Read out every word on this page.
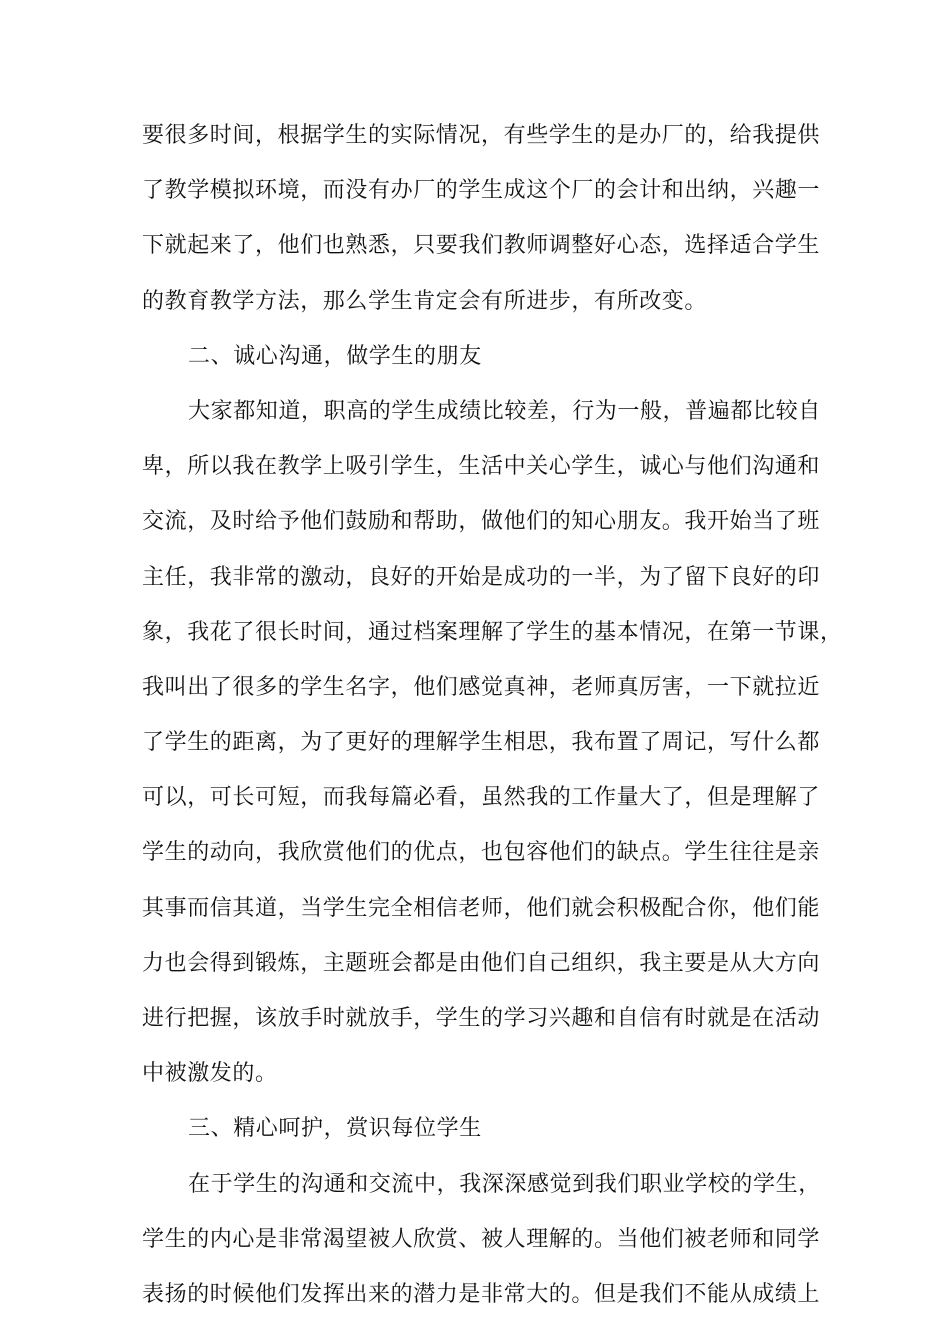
要很多时间，根据学生的实际情况，有些学生的是办厂的，给我提供
了教学模拟环境，而没有办厂的学生成这个厂的会计和出纳，兴趣一
下就起来了，他们也熟悉，只要我们教师调整好心态，选择适合学生
的教育教学方法，那么学生肯定会有所进步，有所改变。
二、诚心沟通，做学生的朋友
大家都知道，职高的学生成绩比较差，行为一般，普遍都比较自
卑，所以我在教学上吸引学生，生活中关心学生，诚心与他们沟通和
交流，及时给予他们鼓励和帮助，做他们的知心朋友。我开始当了班
主任，我非常的激动，良好的开始是成功的一半，为了留下良好的印
象，我花了很长时间，通过档案理解了学生的基本情况，在第一节课，
我叫出了很多的学生名字，他们感觉真神，老师真厉害，一下就拉近
了学生的距离，为了更好的理解学生相思，我布置了周记，写什么都
可以，可长可短，而我每篇必看，虽然我的工作量大了，但是理解了
学生的动向，我欣赏他们的优点，也包容他们的缺点。学生往往是亲
其事而信其道，当学生完全相信老师，他们就会积极配合你，他们能
力也会得到锻炼，主题班会都是由他们自己组织，我主要是从大方向
进行把握，该放手时就放手，学生的学习兴趣和自信有时就是在活动
中被激发的。
三、精心呵护，赏识每位学生
在于学生的沟通和交流中，我深深感觉到我们职业学校的学生，
学生的内心是非常渴望被人欣赏、被人理解的。当他们被老师和同学
表扬的时候他们发挥出来的潜力是非常大的。但是我们不能从成绩上
